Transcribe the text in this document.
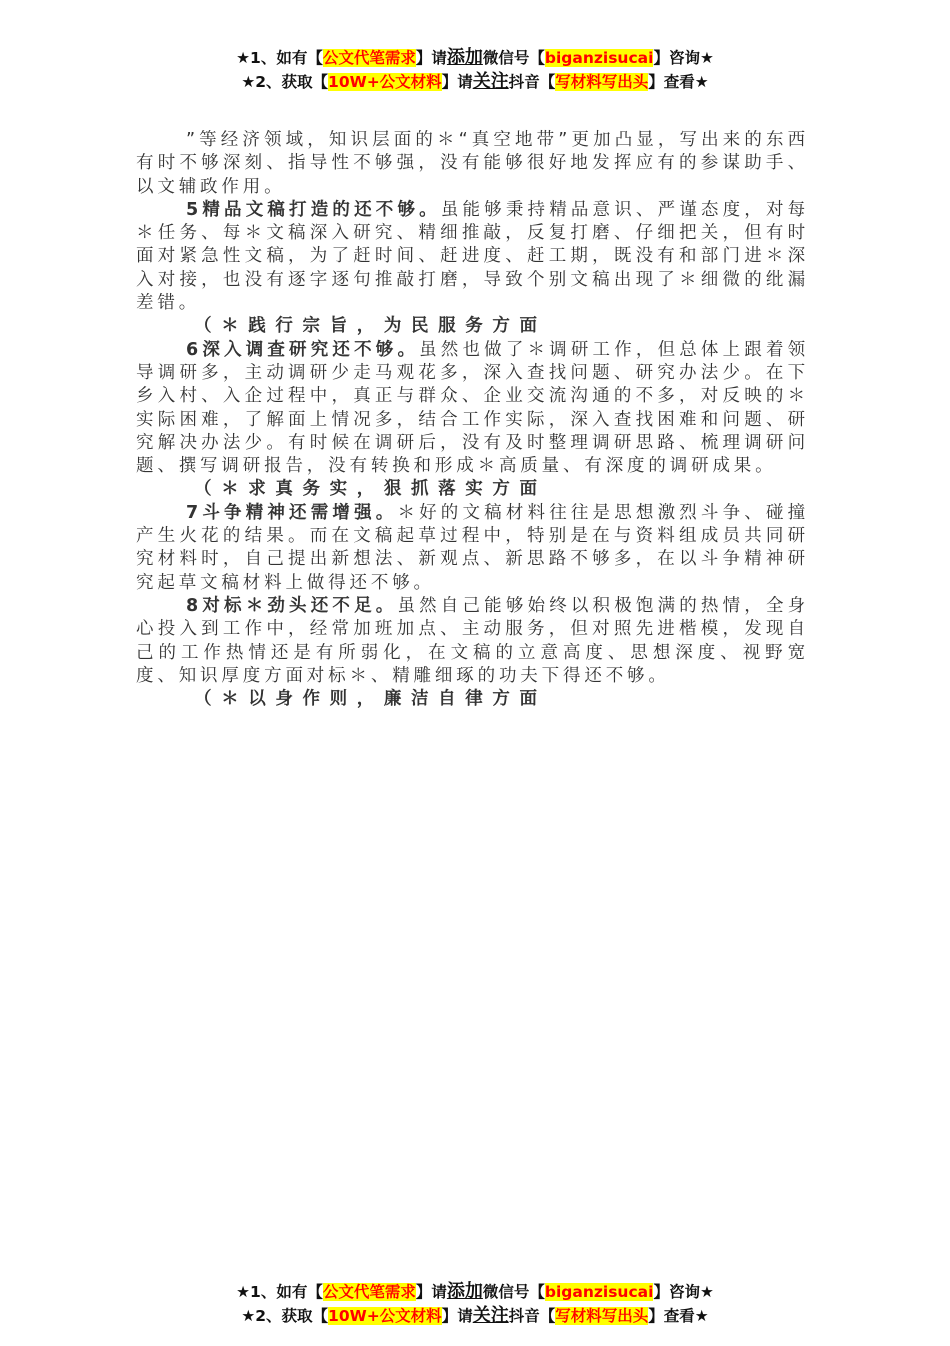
★1、如有【公文代笔需求】请添加微信号【biganzisucai】咨询★
★2、获取【10W+公文材料】请关注抖音【写材料写出头】查看★

”等经济领域，知识层面的＊“真空地带”更加凸显，写出来的东西有时不够深刻、指导性不够强，没有能够很好地发挥应有的参谋助手、以文辅政作用。

5精品文稿打造的还不够。虽能够秉持精品意识、严谨态度，对每＊任务、每＊文稿深入研究、精细推敲，反复打磨、仔细把关，但有时面对紧急性文稿，为了赶时间、赶进度、赶工期，既没有和部门进＊深入对接，也没有逐字逐句推敲打磨，导致个别文稿出现了＊细微的纰漏差错。

（＊践行宗旨，为民服务方面

6深入调查研究还不够。虽然也做了＊调研工作，但总体上跟着领导调研多，主动调研少走马观花多，深入查找问题、研究办法少。在下乡入村、入企过程中，真正与群众、企业交流沟通的不多，对反映的＊实际困难，了解面上情况多，结合工作实际，深入查找困难和问题、研究解决办法少。有时候在调研后，没有及时整理调研思路、梳理调研问题、撰写调研报告，没有转换和形成＊高质量、有深度的调研成果。

（＊求真务实，狠抓落实方面

7斗争精神还需增强。＊好的文稿材料往往是思想激烈斗争、碰撞产生火花的结果。而在文稿起草过程中，特别是在与资料组成员共同研究材料时，自己提出新想法、新观点、新思路不够多，在以斗争精神研究起草文稿材料上做得还不够。

8对标＊劲头还不足。虽然自己能够始终以积极饱满的热情，全身心投入到工作中，经常加班加点、主动服务，但对照先进楷模，发现自己的工作热情还是有所弱化，在文稿的立意高度、思想深度、视野宽度、知识厚度方面对标＊、精雕细琢的功夫下得还不够。

（＊以身作则，廉洁自律方面

★1、如有【公文代笔需求】请添加微信号【biganzisucai】咨询★
★2、获取【10W+公文材料】请关注抖音【写材料写出头】查看★
